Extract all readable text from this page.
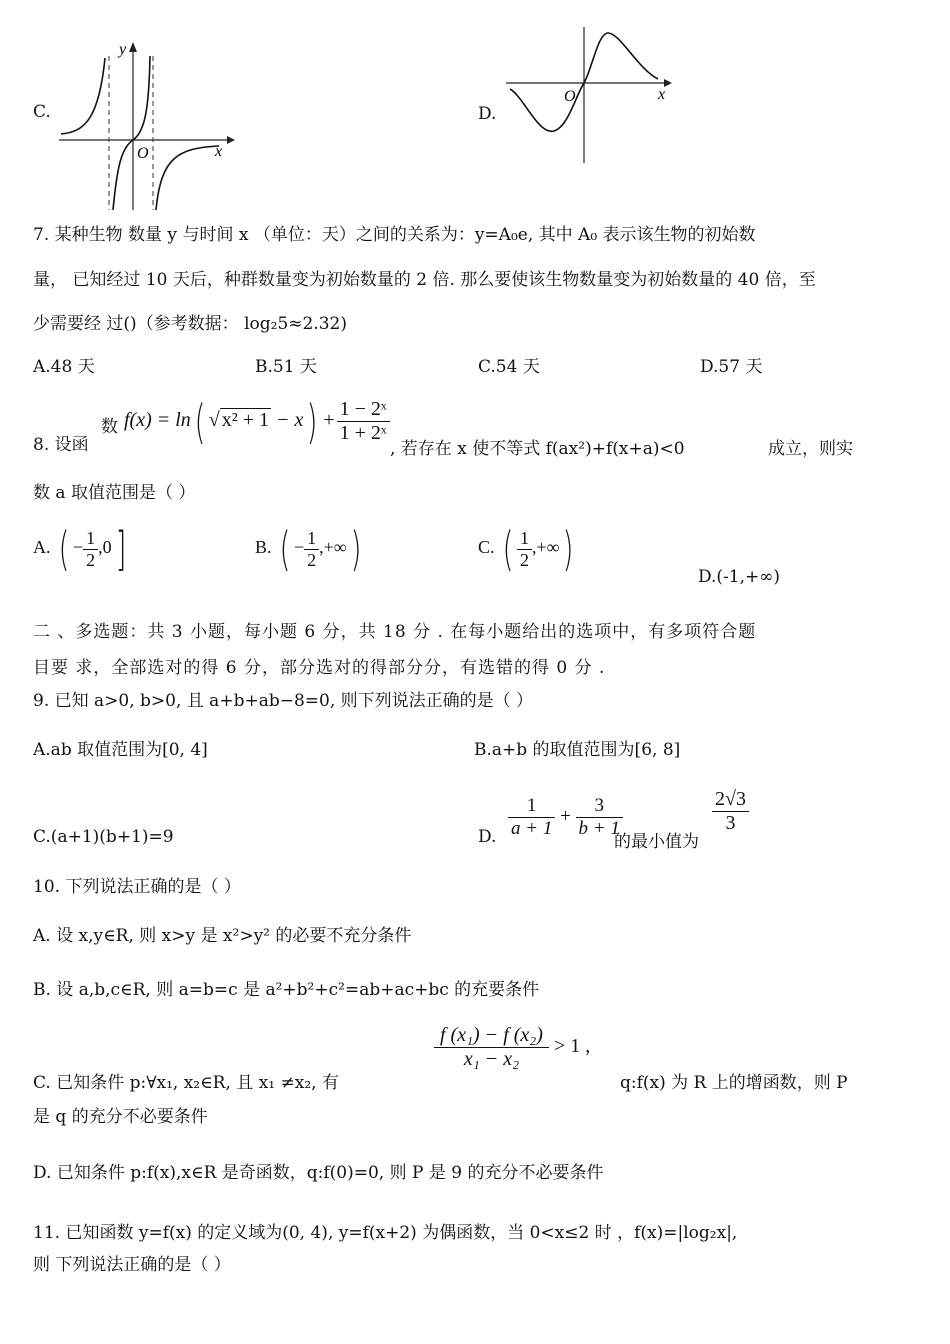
C.
y
x
O
D.
O	x
7. 某种生物 数量 y 与时间 x （单位：天）之间的关系为：y=A₀e, 其中 A₀ 表示该生物的初始数
量， 已知经过 10 天后，种群数量变为初始数量的 2 倍. 那么要使该生物数量变为初始数量的 40 倍，至
少需要经 过()（参考数据： log₂5≈2.32)
A.48 天	B.51 天	C.54 天	D.57 天
8. 设函
数 f(x) = ln( √ $x^2 + 1 - x) + \frac{\text{1 − 2ˣ}}{\text{1 + 2ˣ}}$
, 若存在 x 使不等式 f(ax²)+f(x+a)<0	成立，则实
数 a 取值范围是（ ）
A. ( − $\frac{1}{2} ,0$]	B. ( − $\frac{1}{2}$ ,+∞)	C. ( $\frac{1}{2}$ ,+∞)
D.(-1,+∞)
二 、多选题：共 3 小题，每小题 6 分，共 18 分 . 在每小题给出的选项中，有多项符合题
目要 求，全部选对的得 6 分，部分选对的得部分分，有选错的得 0 分 .
9. 已知 a>0, b>0, 且 a+b+ab−8=0, 则下列说法正确的是（ ）
A.ab 取值范围为[0, 4]	B.a+b 的取值范围为[6, 8]
C.(a+1)(b+1)=9	D. $\frac{1}{a + 1} + \frac{3}{b + 1}$
的最小值为
$\frac{2√3}{3}$
10. 下列说法正确的是（ ）
A. 设 x,y∈R, 则 x>y 是 x²>y² 的必要不充分条件
B. 设 a,b,c∈R, 则 a=b=c 是 a²+b²+c²=ab+ac+bc 的充要条件
$\frac{\text{f (x₁) − f (x₂)}}{\text{x₁ − x₂}} > 1$ ,
C. 已知条件 p:∀x₁, x₂∈R, 且 x₁ ≠x₂, 有	q:f(x) 为 R 上的增函数，则 P
是 q 的充分不必要条件
D. 已知条件 p:f(x),x∈R 是奇函数，q:f(0)=0, 则 P 是 9 的充分不必要条件
11. 已知函数 y=f(x) 的定义域为(0, 4), y=f(x+2) 为偶函数，当 0<x≤2 时 ，f(x)=|log₂x|,
则 下列说法正确的是（ ）
